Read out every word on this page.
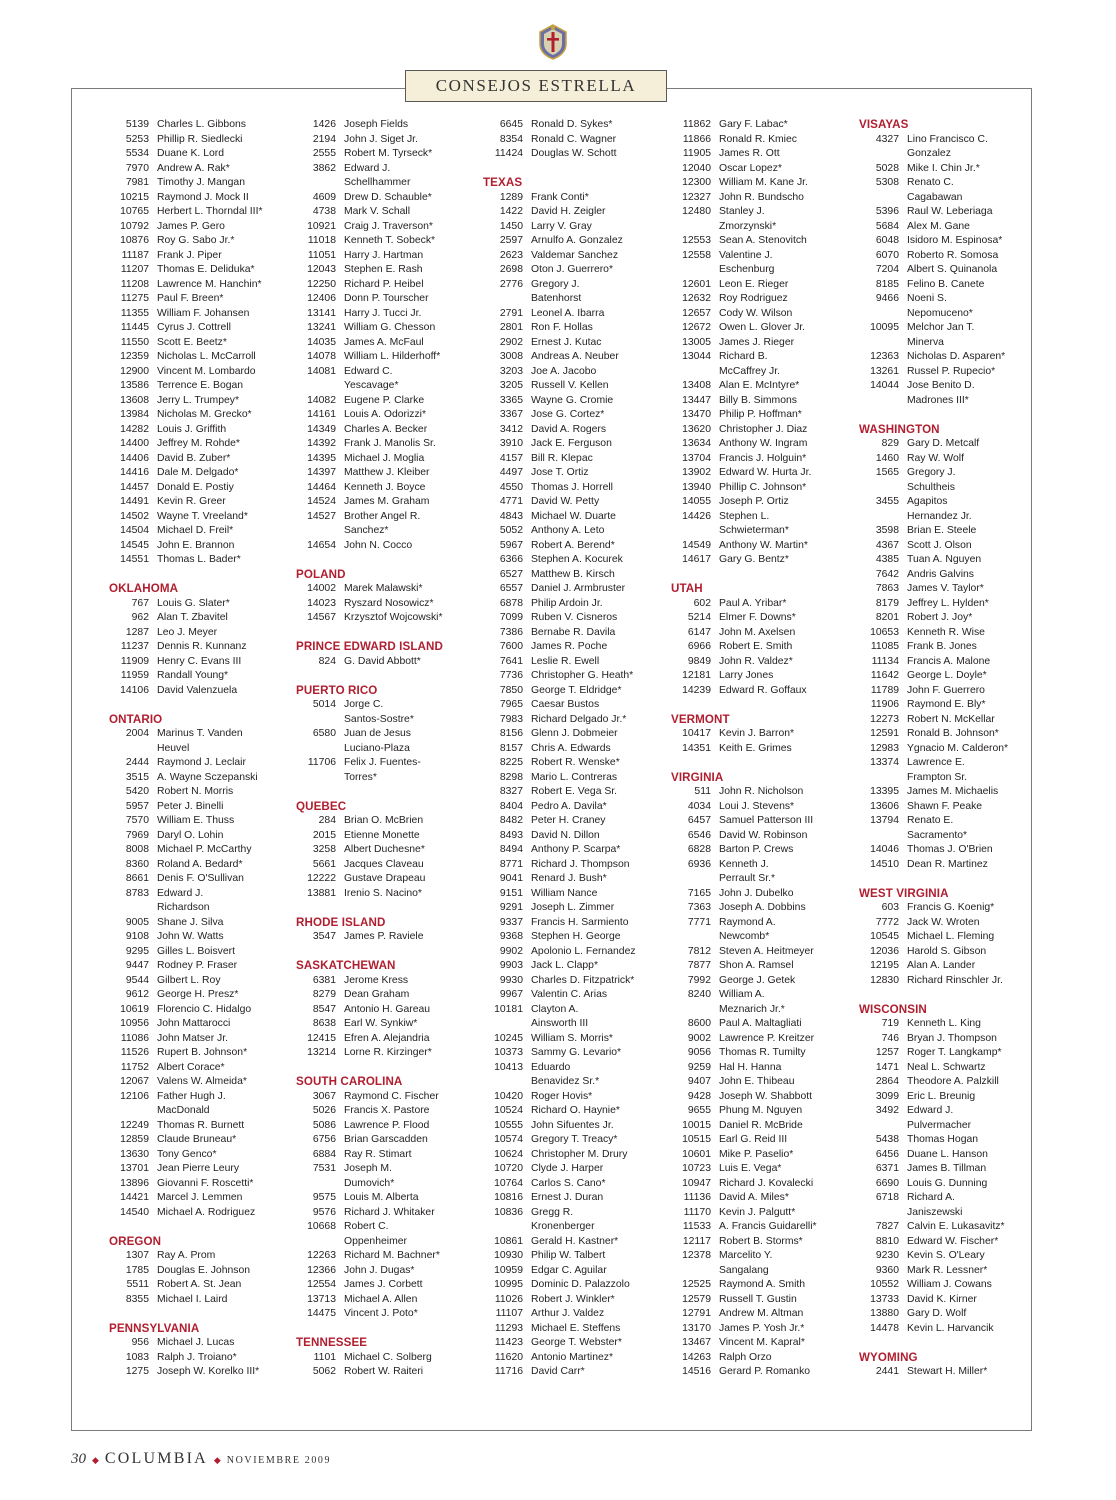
CONSEJOS ESTRELLA
5139 Charles L. Gibbons
5253 Phillip R. Siedlecki
5534 Duane K. Lord
7970 Andrew A. Rak*
7981 Timothy J. Mangan
10215 Raymond J. Mock II
10765 Herbert L. Thorndal III*
10792 James P. Gero
10876 Roy G. Sabo Jr.*
11187 Frank J. Piper
11207 Thomas E. Deliduka*
11208 Lawrence M. Hanchin*
11275 Paul F. Breen*
11355 William F. Johansen
11445 Cyrus J. Cottrell
11550 Scott E. Beetz*
12359 Nicholas L. McCarroll
12900 Vincent M. Lombardo
13586 Terrence E. Bogan
13608 Jerry L. Trumpey*
13984 Nicholas M. Grecko*
14282 Louis J. Griffith
14400 Jeffrey M. Rohde*
14406 David B. Zuber*
14416 Dale M. Delgado*
14457 Donald E. Postiy
14491 Kevin R. Greer
14502 Wayne T. Vreeland*
14504 Michael D. Freil*
14545 John E. Brannon
14551 Thomas L. Bader*
OKLAHOMA
767 Louis G. Slater*
962 Alan T. Zbavitel
1287 Leo J. Meyer
11237 Dennis R. Kunnanz
11909 Henry C. Evans III
11959 Randall Young*
14106 David Valenzuela
ONTARIO
2004 Marinus T. Vanden
Heuvel
2444 Raymond J. Leclair
3515 A. Wayne Sczepanski
5420 Robert N. Morris
5957 Peter J. Binelli
7570 William E. Thuss
7969 Daryl O. Lohin
8008 Michael P. McCarthy
8360 Roland A. Bedard*
8661 Denis F. O'Sullivan
8783 Edward J.
Richardson
9005 Shane J. Silva
9108 John W. Watts
9295 Gilles L. Boisvert
9447 Rodney P. Fraser
9544 Gilbert L. Roy
9612 George H. Presz*
10619 Florencio C. Hidalgo
10956 John Mattarocci
11086 John Matser Jr.
11526 Rupert B. Johnson*
11752 Albert Corace*
12067 Valens W. Almeida*
12106 Father Hugh J.
MacDonald
12249 Thomas R. Burnett
12859 Claude Bruneau*
13630 Tony Genco*
13701 Jean Pierre Leury
13896 Giovanni F. Roscetti*
14421 Marcel J. Lemmen
14540 Michael A. Rodriguez
OREGON
1307 Ray A. Prom
1785 Douglas E. Johnson
5511 Robert A. St. Jean
8355 Michael I. Laird
PENNSYLVANIA
956 Michael J. Lucas
1083 Ralph J. Troiano*
1275 Joseph W. Korelko III*
1426 Joseph Fields
2194 John J. Siget Jr.
2555 Robert M. Tyrseck*
3862 Edward J.
Schellhammer
4609 Drew D. Schauble*
4738 Mark V. Schall
10921 Craig J. Traverson*
11018 Kenneth T. Sobeck*
11051 Harry J. Hartman
12043 Stephen E. Rash
12250 Richard P. Heibel
12406 Donn P. Tourscher
13141 Harry J. Tucci Jr.
13241 William G. Chesson
14035 James A. McFaul
14078 William L. Hilderhoff*
14081 Edward C.
Yescavage*
14082 Eugene P. Clarke
14161 Louis A. Odorizzi*
14349 Charles A. Becker
14392 Frank J. Manolis Sr.
14395 Michael J. Moglia
14397 Matthew J. Kleiber
14464 Kenneth J. Boyce
14524 James M. Graham
14527 Brother Angel R.
Sanchez*
14654 John N. Cocco
POLAND
14002 Marek Malawski*
14023 Ryszard Nosowicz*
14567 Krzysztof Wojcowski*
PRINCE EDWARD ISLAND
824 G. David Abbott*
PUERTO RICO
5014 Jorge C.
Santos-Sostre*
6580 Juan de Jesus
Luciano-Plaza
11706 Felix J. Fuentes-
Torres*
QUEBEC
284 Brian O. McBrien
2015 Etienne Monette
3258 Albert Duchesne*
5661 Jacques Claveau
12222 Gustave Drapeau
13881 Irenio S. Nacino*
RHODE ISLAND
3547 James P. Raviele
SASKATCHEWAN
6381 Jerome Kress
8279 Dean Graham
8547 Antonio H. Gareau
8638 Earl W. Synkiw*
12415 Efren A. Alejandria
13214 Lorne R. Kirzinger*
SOUTH CAROLINA
3067 Raymond C. Fischer
5026 Francis X. Pastore
5086 Lawrence P. Flood
6756 Brian Garscadden
6884 Ray R. Stimart
7531 Joseph M.
Dumovich*
9575 Louis M. Alberta
9576 Richard J. Whitaker
10668 Robert C.
Oppenheimer
12263 Richard M. Bachner*
12366 John J. Dugas*
12554 James J. Corbett
13713 Michael A. Allen
14475 Vincent J. Poto*
TENNESSEE
1101 Michael C. Solberg
5062 Robert W. Raiteri
6645 Ronald D. Sykes*
8354 Ronald C. Wagner
11424 Douglas W. Schott
TEXAS
1289 Frank Conti*
1422 David H. Zeigler
1450 Larry V. Gray
2597 Arnulfo A. Gonzalez
2623 Valdemar Sanchez
2698 Oton J. Guerrero*
2776 Gregory J.
Batenhorst
2791 Leonel A. Ibarra
2801 Ron F. Hollas
2902 Ernest J. Kutac
3008 Andreas A. Neuber
3203 Joe A. Jacobo
3205 Russell V. Kellen
3365 Wayne G. Cromie
3367 Jose G. Cortez*
3412 David A. Rogers
3910 Jack E. Ferguson
4157 Bill R. Klepac
4497 Jose T. Ortiz
4550 Thomas J. Horrell
4771 David W. Petty
4843 Michael W. Duarte
5052 Anthony A. Leto
5967 Robert A. Berend*
6366 Stephen A. Kocurek
6527 Matthew B. Kirsch
6557 Daniel J. Armbruster
6878 Philip Ardoin Jr.
7099 Ruben V. Cisneros
7386 Bernabe R. Davila
7600 James R. Poche
7641 Leslie R. Ewell
7736 Christopher G. Heath*
7850 George T. Eldridge*
7965 Caesar Bustos
7983 Richard Delgado Jr.*
8156 Glenn J. Dobmeier
8157 Chris A. Edwards
8225 Robert R. Wenske*
8298 Mario L. Contreras
8327 Robert E. Vega Sr.
8404 Pedro A. Davila*
8482 Peter H. Craney
8493 David N. Dillon
8494 Anthony P. Scarpa*
8771 Richard J. Thompson
9041 Renard J. Bush*
9151 William Nance
9291 Joseph L. Zimmer
9337 Francis H. Sarmiento
9368 Stephen H. George
9902 Apolonio L. Fernandez
9903 Jack L. Clapp*
9930 Charles D. Fitzpatrick*
9967 Valentin C. Arias
10181 Clayton A.
Ainsworth III
10245 William S. Morris*
10373 Sammy G. Levario*
10413 Eduardo
Benavidez Sr.*
10420 Roger Hovis*
10524 Richard O. Haynie*
10555 John Sifuentes Jr.
10574 Gregory T. Treacy*
10624 Christopher M. Drury
10720 Clyde J. Harper
10764 Carlos S. Cano*
10816 Ernest J. Duran
10836 Gregg R.
Kronenberger
10861 Gerald H. Kastner*
10930 Philip W. Talbert
10959 Edgar C. Aguilar
10995 Dominic D. Palazzolo
11026 Robert J. Winkler*
11107 Arthur J. Valdez
11293 Michael E. Steffens
11423 George T. Webster*
11620 Antonio Martinez*
11716 David Carr*
11862 Gary F. Labac*
11866 Ronald R. Kmiec
11905 James R. Ott
12040 Oscar Lopez*
12300 William M. Kane Jr.
12327 John R. Bundscho
12480 Stanley J.
Zmorzynski*
12553 Sean A. Stenovitch
12558 Valentine J.
Eschenburg
12601 Leon E. Rieger
12632 Roy Rodriguez
12657 Cody W. Wilson
12672 Owen L. Glover Jr.
13005 James J. Rieger
13044 Richard B.
McCaffrey Jr.
13408 Alan E. McIntyre*
13447 Billy B. Simmons
13470 Philip P. Hoffman*
13620 Christopher J. Diaz
13634 Anthony W. Ingram
13704 Francis J. Holguin*
13902 Edward W. Hurta Jr.
13940 Phillip C. Johnson*
14055 Joseph P. Ortiz
14426 Stephen L.
Schwieterman*
14549 Anthony W. Martin*
14617 Gary G. Bentz*
UTAH
602 Paul A. Yribar*
5214 Elmer F. Downs*
6147 John M. Axelsen
6966 Robert E. Smith
9849 John R. Valdez*
12181 Larry Jones
14239 Edward R. Goffaux
VERMONT
10417 Kevin J. Barron*
14351 Keith E. Grimes
VIRGINIA
511 John R. Nicholson
4034 Loui J. Stevens*
6457 Samuel Patterson III
6546 David W. Robinson
6828 Barton P. Crews
6936 Kenneth J.
Perrault Sr.*
7165 John J. Dubelko
7363 Joseph A. Dobbins
7771 Raymond A.
Newcomb*
7812 Steven A. Heitmeyer
7877 Shon A. Ramsel
7992 George J. Getek
8240 William A.
Meznarich Jr.*
8600 Paul A. Maltagliati
9002 Lawrence P. Kreitzer
9056 Thomas R. Tumilty
9259 Hal H. Hanna
9407 John E. Thibeau
9428 Joseph W. Shabbott
9655 Phung M. Nguyen
10015 Daniel R. McBride
10515 Earl G. Reid III
10601 Mike P. Paselio*
10723 Luis E. Vega*
10947 Richard J. Kovalecki
11136 David A. Miles*
11170 Kevin J. Palgutt*
11533 A. Francis Guidarelli*
12117 Robert B. Storms*
12378 Marcelito Y.
Sangalang
12525 Raymond A. Smith
12579 Russell T. Gustin
12791 Andrew M. Altman
13170 James P. Yosh Jr.*
13467 Vincent M. Kapral*
14263 Ralph Orzo
14516 Gerard P. Romanko
VISAYAS
4327 Lino Francisco C.
Gonzalez
5028 Mike I. Chin Jr.*
5308 Renato C.
Cagabawan
5396 Raul W. Leberiaga
5684 Alex M. Gane
6048 Isidoro M. Espinosa*
6070 Roberto R. Somosa
7204 Albert S. Quinanola
8185 Felino B. Canete
9466 Noeni S.
Nepomuceno*
10095 Melchor Jan T.
Minerva
12363 Nicholas D. Asparen*
13261 Russel P. Rupecio*
14044 Jose Benito D.
Madrones III*
WASHINGTON
829 Gary D. Metcalf
1460 Ray W. Wolf
1565 Gregory J.
Schultheis
3455 Agapitos
Hernandez Jr.
3598 Brian E. Steele
4367 Scott J. Olson
4385 Tuan A. Nguyen
7642 Andris Galvins
7863 James V. Taylor*
8179 Jeffrey L. Hylden*
8201 Robert J. Joy*
10653 Kenneth R. Wise
11085 Frank B. Jones
11134 Francis A. Malone
11642 George L. Doyle*
11789 John F. Guerrero
11906 Raymond E. Bly*
12273 Robert N. McKellar
12591 Ronald B. Johnson*
12983 Ygnacio M. Calderon*
13374 Lawrence E.
Frampton Sr.
13395 James M. Michaelis
13606 Shawn F. Peake
13794 Renato E.
Sacramento*
14046 Thomas J. O'Brien
14510 Dean R. Martinez
WEST VIRGINIA
603 Francis G. Koenig*
7772 Jack W. Wroten
10545 Michael L. Fleming
12036 Harold S. Gibson
12195 Alan A. Lander
12830 Richard Rinschler Jr.
WISCONSIN
719 Kenneth L. King
746 Bryan J. Thompson
1257 Roger T. Langkamp*
1471 Neal L. Schwartz
2864 Theodore A. Palzkill
3099 Eric L. Breunig
3492 Edward J.
Pulvermacher
5438 Thomas Hogan
6456 Duane L. Hanson
6371 James B. Tillman
6690 Louis G. Dunning
6718 Richard A.
Janiszewski
7827 Calvin E. Lukasavitz*
8810 Edward W. Fischer*
9230 Kevin S. O'Leary
9360 Mark R. Lessner*
10552 William J. Cowans
13733 David K. Kirner
13880 Gary D. Wolf
14478 Kevin L. Harvancik
WYOMING
2441 Stewart H. Miller*
30 ◆ COLUMBIA ◆ NOVIEMBRE 2009
